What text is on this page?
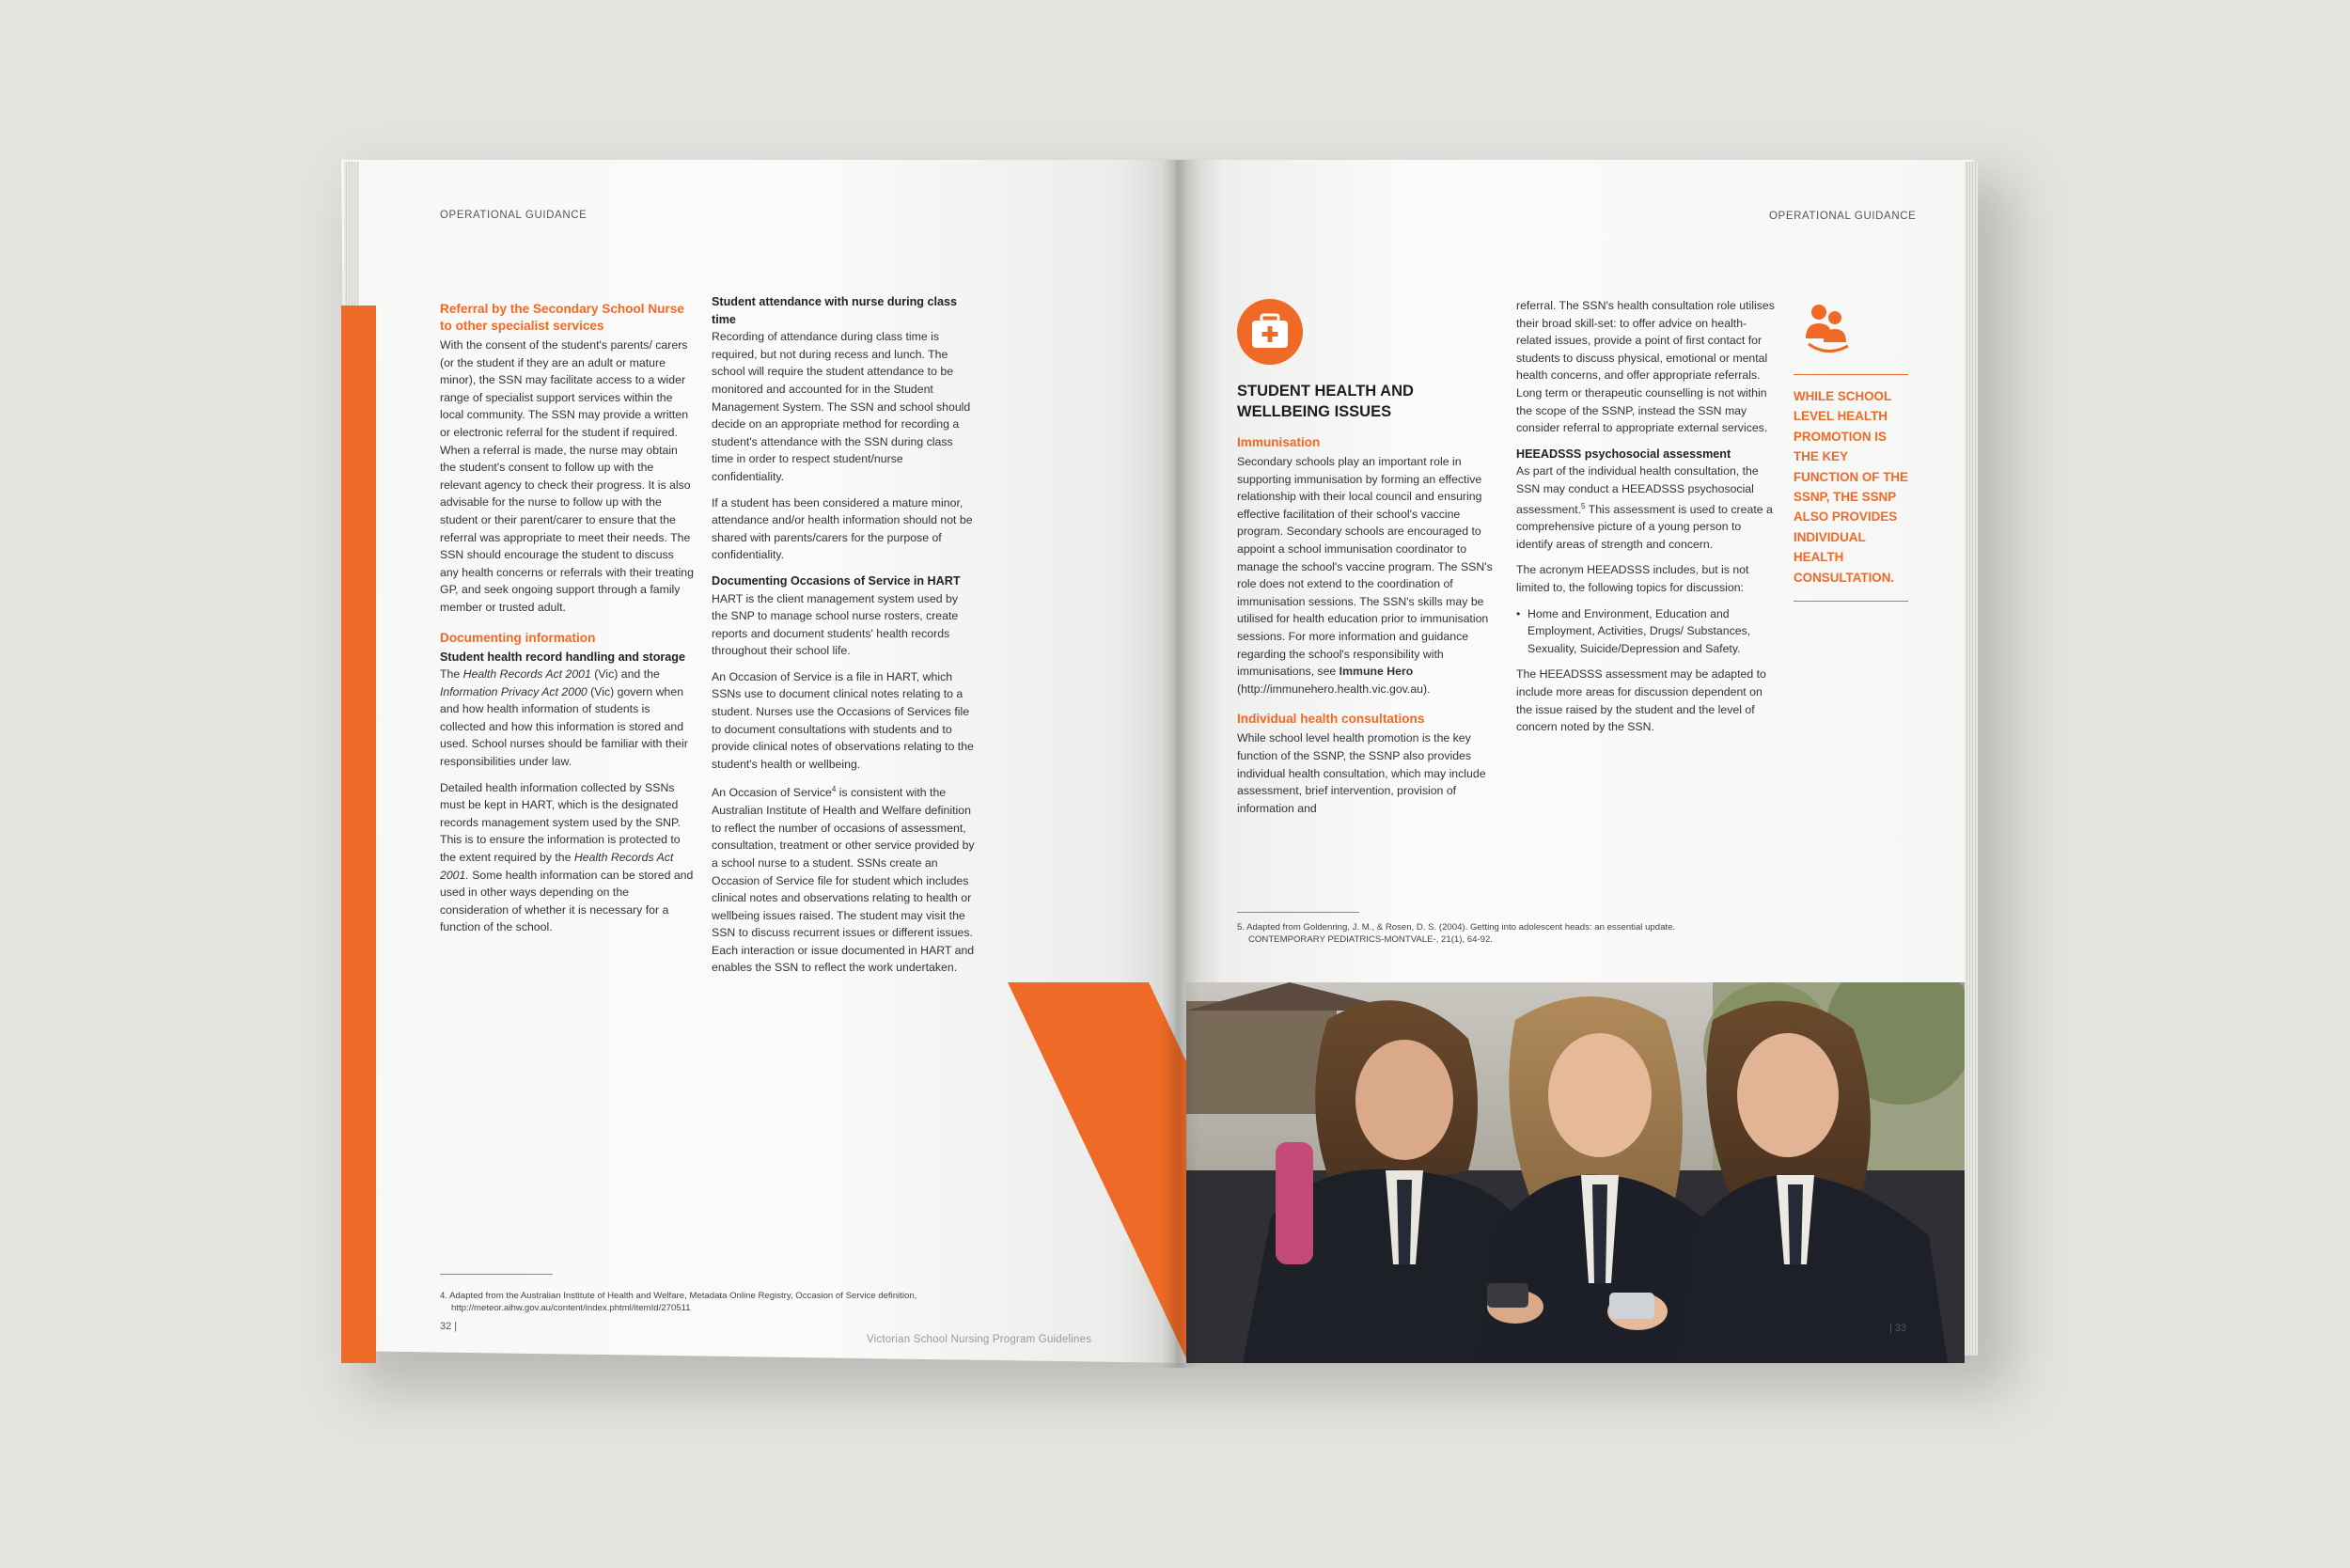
OPERATIONAL GUIDANCE
Referral by the Secondary School Nurse to other specialist services

With the consent of the student's parents/ carers (or the student if they are an adult or mature minor), the SSN may facilitate access to a wider range of specialist support services within the local community. The SSN may provide a written or electronic referral for the student if required. When a referral is made, the nurse may obtain the student's consent to follow up with the relevant agency to check their progress. It is also advisable for the nurse to follow up with the student or their parent/carer to ensure that the referral was appropriate to meet their needs. The SSN should encourage the student to discuss any health concerns or referrals with their treating GP, and seek ongoing support through a family member or trusted adult.

Documenting information
Student health record handling and storage

The Health Records Act 2001 (Vic) and the Information Privacy Act 2000 (Vic) govern when and how health information of students is collected and how this information is stored and used. School nurses should be familiar with their responsibilities under law.

Detailed health information collected by SSNs must be kept in HART, which is the designated records management system used by the SNP. This is to ensure the information is protected to the extent required by the Health Records Act 2001. Some health information can be stored and used in other ways depending on the consideration of whether it is necessary for a function of the school.

Student attendance with nurse during class time

Recording of attendance during class time is required, but not during recess and lunch. The school will require the student attendance to be monitored and accounted for in the Student Management System. The SSN and school should decide on an appropriate method for recording a student's attendance with the SSN during class time in order to respect student/nurse confidentiality.

If a student has been considered a mature minor, attendance and/or health information should not be shared with parents/carers for the purpose of confidentiality.

Documenting Occasions of Service in HART

HART is the client management system used by the SNP to manage school nurse rosters, create reports and document students' health records throughout their school life.

An Occasion of Service is a file in HART, which SSNs use to document clinical notes relating to a student. Nurses use the Occasions of Services file to document consultations with students and to provide clinical notes of observations relating to the student's health or wellbeing.

An Occasion of Service$^4$ is consistent with the Australian Institute of Health and Welfare definition to reflect the number of occasions of assessment, consultation, treatment or other service provided by a school nurse to a student. SSNs create an Occasion of Service file for student which includes clinical notes and observations relating to health or wellbeing issues raised. The student may visit the SSN to discuss recurrent issues or different issues. Each interaction or issue documented in HART and enables the SSN to reflect the work undertaken.

4. Adapted from the Australian Institute of Health and Welfare, Metadata Online Registry, Occasion of Service definition,
http://meteor.aihw.gov.au/content/index.phtml/itemId/270511
32 |
Victorian School Nursing Program Guidelines
OPERATIONAL GUIDANCE
STUDENT HEALTH AND WELLBEING ISSUES
Immunisation

Secondary schools play an important role in supporting immunisation by forming an effective relationship with their local council and ensuring effective facilitation of their school's vaccine program. Secondary schools are encouraged to appoint a school immunisation coordinator to manage the school's vaccine program. The SSN's role does not extend to the coordination of immunisation sessions. The SSN's skills may be utilised for health education prior to immunisation sessions. For more information and guidance regarding the school's responsibility with immunisations, see Immune Hero (http://immunehero.health.vic.gov.au).

Individual health consultations

While school level health promotion is the key function of the SSNP, the SSNP also provides individual health consultation, which may include assessment, brief intervention, provision of information and

referral. The SSN's health consultation role utilises their broad skill-set: to offer advice on health-related issues, provide a point of first contact for students to discuss physical, emotional or mental health concerns, and offer appropriate referrals. Long term or therapeutic counselling is not within the scope of the SSNP, instead the SSN may consider referral to appropriate external services.

HEEADSSS psychosocial assessment

As part of the individual health consultation, the SSN may conduct a HEEADSSS psychosocial assessment.$^5$ This assessment is used to create a comprehensive picture of a young person to identify areas of strength and concern.

The acronym HEEADSSS includes, but is not limited to, the following topics for discussion:

• Home and Environment, Education and Employment, Activities, Drugs/ Substances, Sexuality, Suicide/Depression and Safety.

The HEEADSSS assessment may be adapted to include more areas for discussion dependent on the issue raised by the student and the level of concern noted by the SSN.

WHILE SCHOOL LEVEL HEALTH PROMOTION IS THE KEY FUNCTION OF THE SSNP, THE SSNP ALSO PROVIDES INDIVIDUAL HEALTH CONSULTATION.
5. Adapted from Goldenring, J. M., & Rosen, D. S. (2004). Getting into adolescent heads: an essential update.
CONTEMPORARY PEDIATRICS-MONTVALE-, 21(1), 64-92.
| 33
